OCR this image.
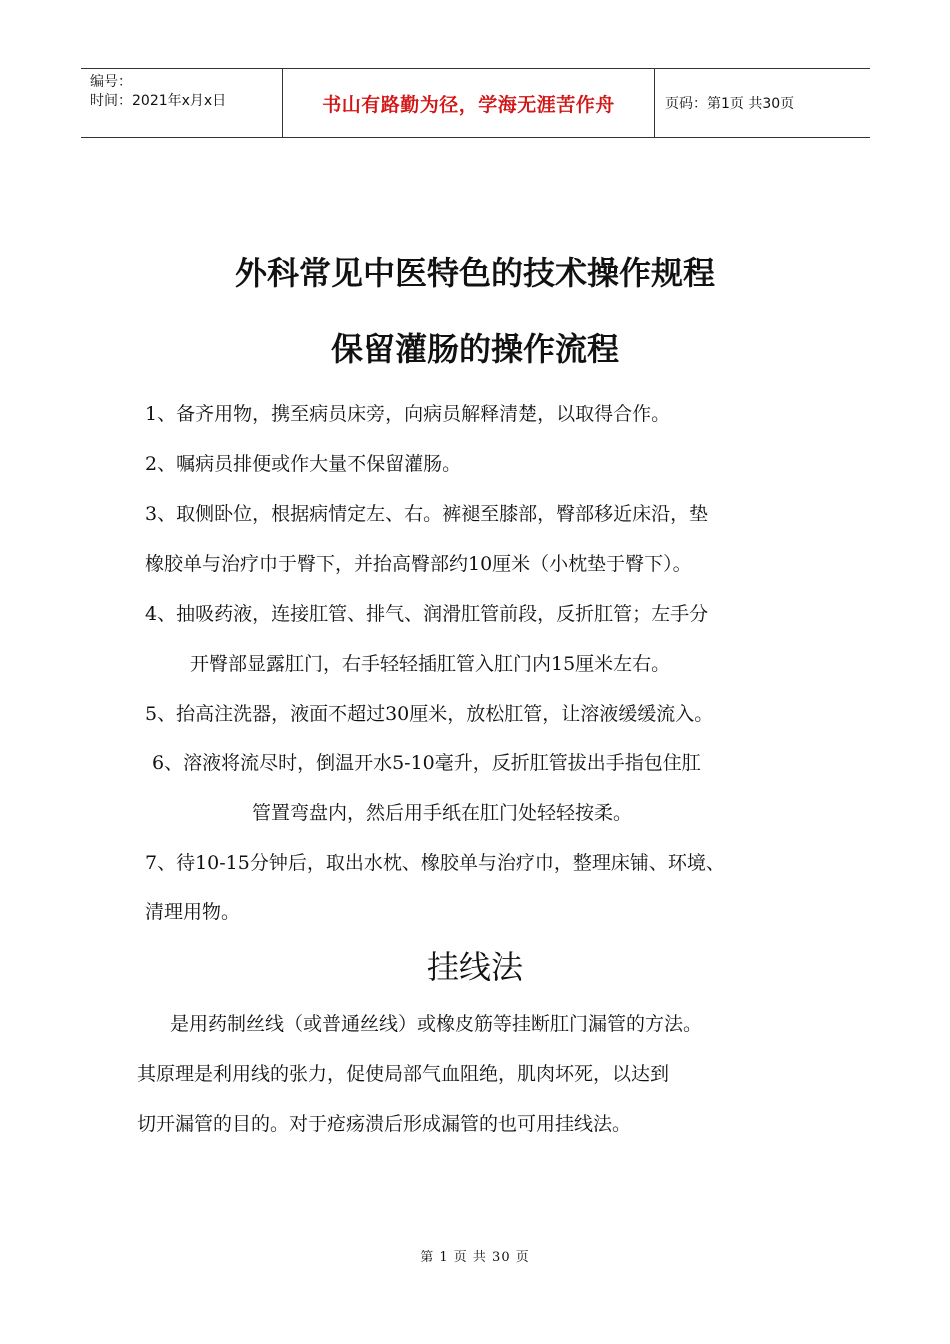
编号：
时间：2021年x月x日	书山有路勤为径，学海无涯苦作舟	页码：第1页 共30页
外科常见中医特色的技术操作规程
保留灌肠的操作流程
1、备齐用物，携至病员床旁，向病员解释清楚，以取得合作。
2、嘱病员排便或作大量不保留灌肠。
3、取侧卧位，根据病情定左、右。裤褪至膝部，臀部移近床沿，垫
橡胶单与治疗巾于臀下，并抬高臀部约10厘米（小枕垫于臀下）。
4、抽吸药液，连接肛管、排气、润滑肛管前段，反折肛管；左手分
开臀部显露肛门，右手轻轻插肛管入肛门内15厘米左右。
5、抬高注洗器，液面不超过30厘米，放松肛管，让溶液缓缓流入。
6、溶液将流尽时，倒温开水5-10毫升，反折肛管拔出手指包住肛
管置弯盘内，然后用手纸在肛门处轻轻按柔。
7、待10-15分钟后，取出水枕、橡胶单与治疗巾，整理床铺、环境、
清理用物。
挂线法
是用药制丝线（或普通丝线）或橡皮筋等挂断肛门漏管的方法。
其原理是利用线的张力，促使局部气血阻绝，肌肉坏死，以达到
切开漏管的目的。对于疮疡溃后形成漏管的也可用挂线法。
第 1 页 共 30 页
